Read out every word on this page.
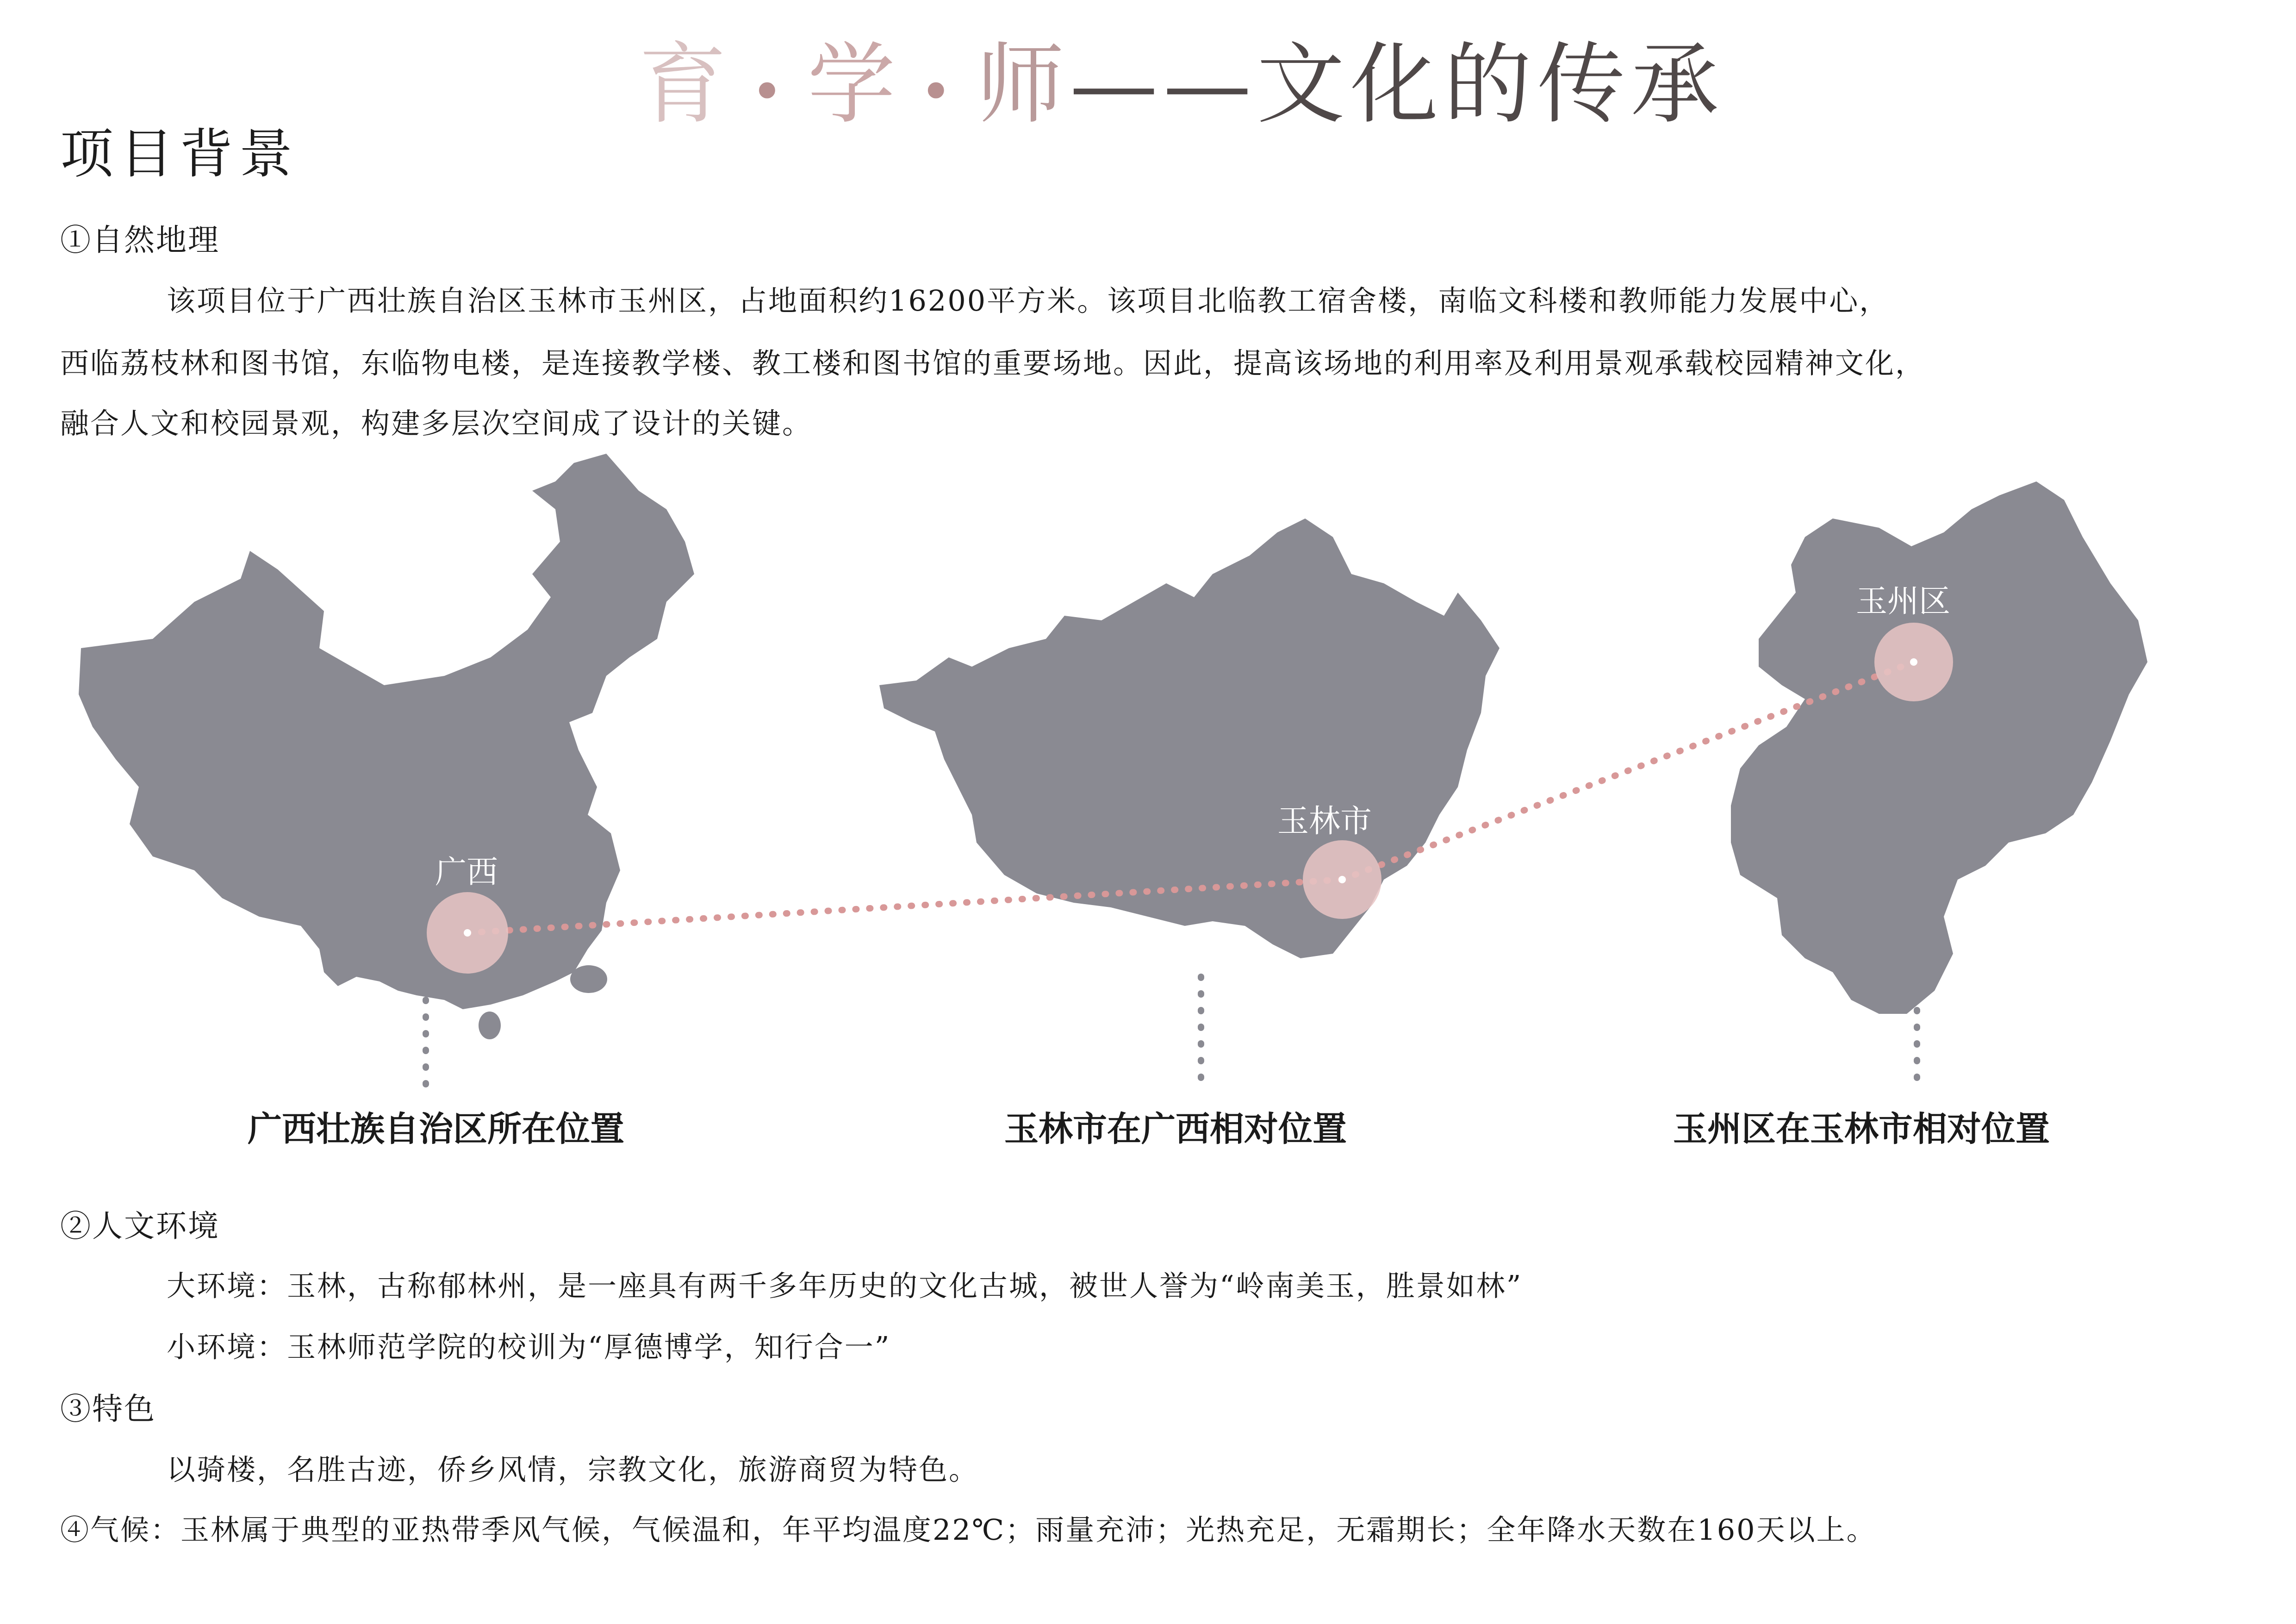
育 • 学 • 师——文化的传承
项目背景
①自然地理
该项目位于广西壮族自治区玉林市玉州区，占地面积约16200平方米。该项目北临教工宿舍楼，南临文科楼和教师能力发展中心，
西临荔枝林和图书馆，东临物电楼，是连接教学楼、教工楼和图书馆的重要场地。因此，提高该场地的利用率及利用景观承载校园精神文化，
融合人文和校园景观，构建多层次空间成了设计的关键。
广西
玉林市
玉州区
广西壮族自治区所在位置	玉林市在广西相对位置	玉州区在玉林市相对位置
②人文环境
大环境：玉林，古称郁林州，是一座具有两千多年历史的文化古城，被世人誉为“岭南美玉，胜景如林”
小环境：玉林师范学院的校训为“厚德博学，知行合一”
③特色
以骑楼，名胜古迹，侨乡风情，宗教文化，旅游商贸为特色。
④气候：玉林属于典型的亚热带季风气候，气候温和，年平均温度22℃；雨量充沛；光热充足，无霜期长；全年降水天数在160天以上。
